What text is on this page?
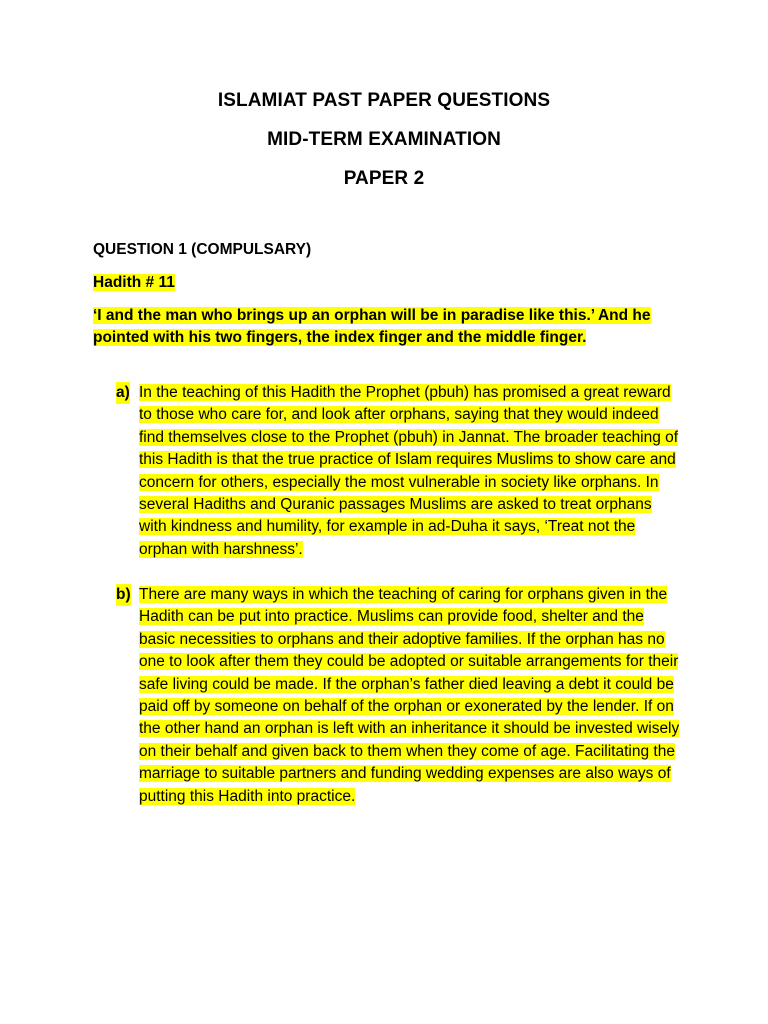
ISLAMIAT PAST PAPER QUESTIONS
MID-TERM EXAMINATION
PAPER 2
QUESTION 1 (COMPULSARY)
Hadith # 11
‘I and the man who brings up an orphan will be in paradise like this.’ And he pointed with his two fingers, the index finger and the middle finger.
a) In the teaching of this Hadith the Prophet (pbuh) has promised a great reward to those who care for, and look after orphans, saying that they would indeed find themselves close to the Prophet (pbuh) in Jannat. The broader teaching of this Hadith is that the true practice of Islam requires Muslims to show care and concern for others, especially the most vulnerable in society like orphans. In several Hadiths and Quranic passages Muslims are asked to treat orphans with kindness and humility, for example in ad-Duha it says, ‘Treat not the orphan with harshness’.
b) There are many ways in which the teaching of caring for orphans given in the Hadith can be put into practice. Muslims can provide food, shelter and the basic necessities to orphans and their adoptive families. If the orphan has no one to look after them they could be adopted or suitable arrangements for their safe living could be made. If the orphan’s father died leaving a debt it could be paid off by someone on behalf of the orphan or exonerated by the lender. If on the other hand an orphan is left with an inheritance it should be invested wisely on their behalf and given back to them when they come of age. Facilitating the marriage to suitable partners and funding wedding expenses are also ways of putting this Hadith into practice.
